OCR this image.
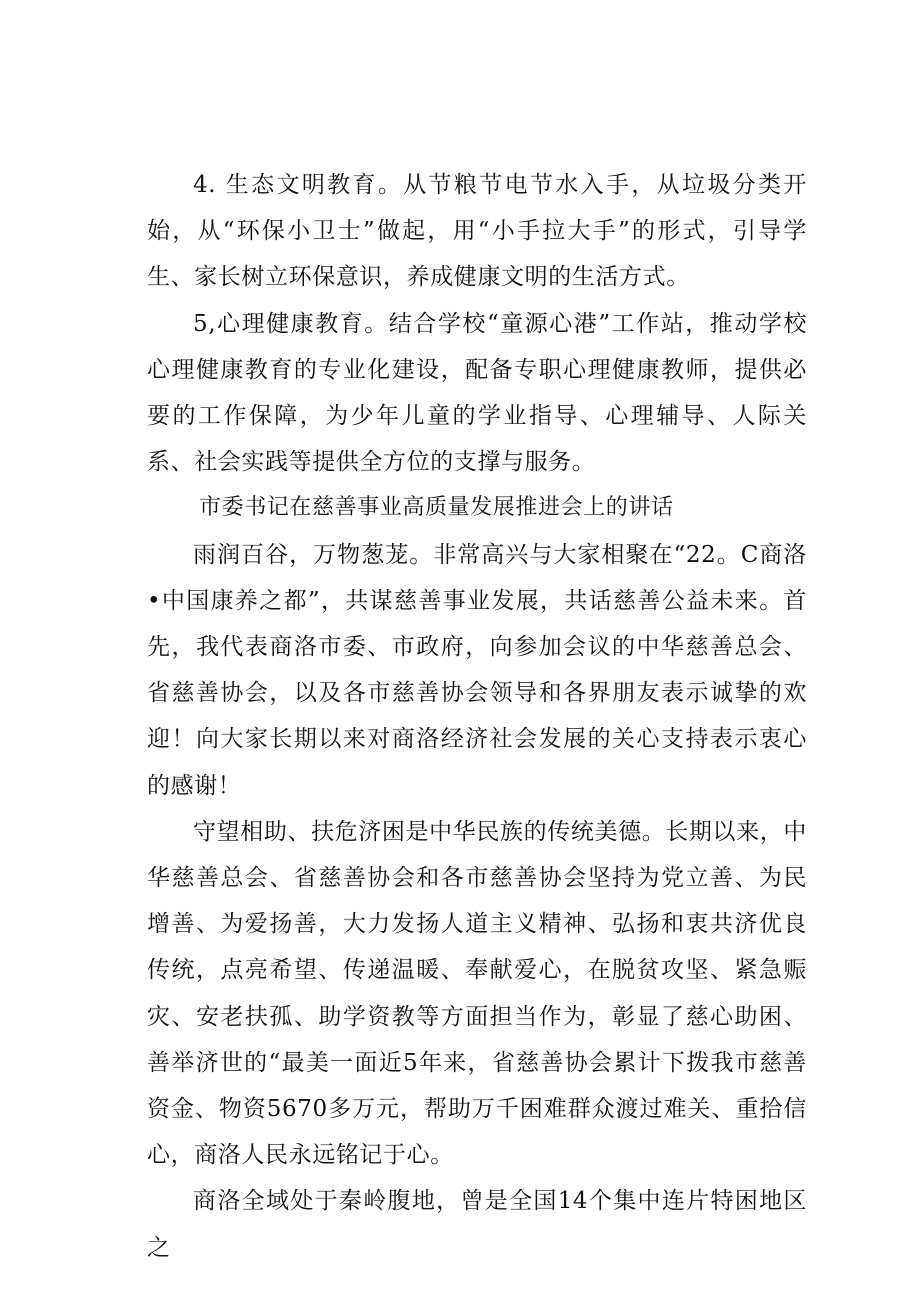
4. 生态文明教育。从节粮节电节水入手，从垃圾分类开始，从“环保小卫士”做起，用“小手拉大手”的形式，引导学生、家长树立环保意识，养成健康文明的生活方式。

5,心理健康教育。结合学校“童源心港”工作站，推动学校心理健康教育的专业化建设，配备专职心理健康教师，提供必要的工作保障，为少年儿童的学业指导、心理辅导、人际关系、社会实践等提供全方位的支撑与服务。

市委书记在慈善事业高质量发展推进会上的讲话

雨润百谷，万物葱茏。非常高兴与大家相聚在“22。C商洛•中国康养之都”，共谋慈善事业发展，共话慈善公益未来。首先，我代表商洛市委、市政府，向参加会议的中华慈善总会、省慈善协会，以及各市慈善协会领导和各界朋友表示诚挚的欢迎！向大家长期以来对商洛经济社会发展的关心支持表示衷心的感谢！

守望相助、扶危济困是中华民族的传统美德。长期以来，中华慈善总会、省慈善协会和各市慈善协会坚持为党立善、为民增善、为爱扬善，大力发扬人道主义精神、弘扬和衷共济优良传统，点亮希望、传递温暖、奉献爱心，在脱贫攻坚、紧急赈灾、安老扶孤、助学资教等方面担当作为，彰显了慈心助困、善举济世的“最美一面近5年来，省慈善协会累计下拨我市慈善资金、物资5670多万元，帮助万千困难群众渡过难关、重拾信心，商洛人民永远铭记于心。

商洛全域处于秦岭腹地，曾是全国14个集中连片特困地区之
